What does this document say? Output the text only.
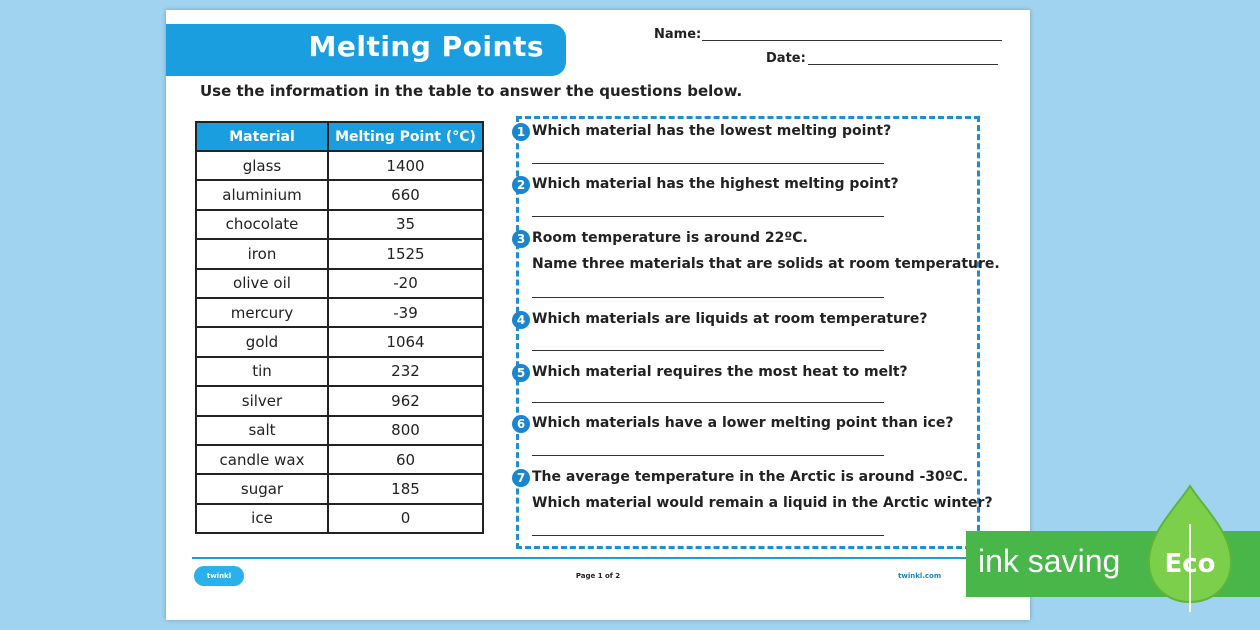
Melting Points	Name:
Date:
Use the information in the table to answer the questions below.
Material	Melting Point (°C)
glass	1400
aluminium	660
chocolate	35
iron	1525
olive oil	-20
mercury	-39
gold	1064
tin	232
silver	962
salt	800
candle wax	60
sugar	185
ice	0
1 Which material has the lowest melting point?
2 Which material has the highest melting point?
3 Room temperature is around 22ºC.
Name three materials that are solids at room temperature.
4 Which materials are liquids at room temperature?
5 Which material requires the most heat to melt?
6 Which materials have a lower melting point than ice?
7 The average temperature in the Arctic is around -30ºC.
Which material would remain a liquid in the Arctic winter?
twinkl	Page 1 of 2	twinkl.com ink saving Eco
